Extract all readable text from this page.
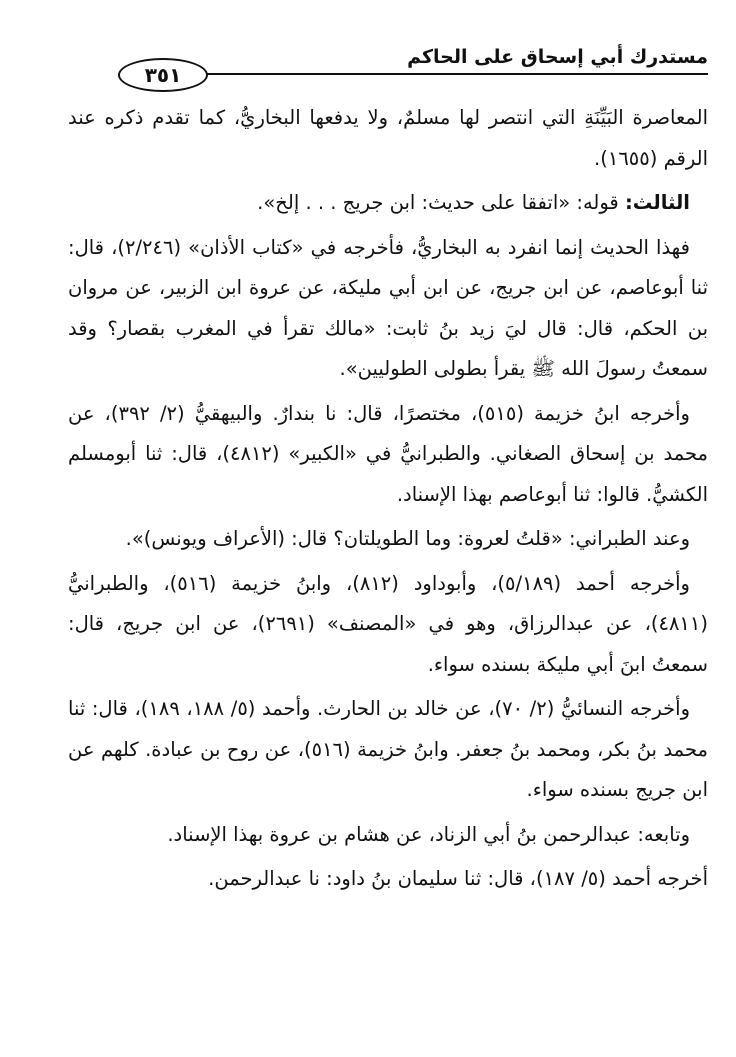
مستدرك أبي إسحاق على الحاكم
٣٥١

المعاصرة البَيِّنَةِ التي انتصر لها مسلمٌ، ولا يدفعها البخاريُّ، كما تقدم ذكره عند الرقم (١٦٥٥).

الثالث: قوله: «اتفقا على حديث: ابن جريج . . . إلخ».

فهذا الحديث إنما انفرد به البخاريُّ، فأخرجه في «كتاب الأذان» (٢/٢٤٦)، قال: ثنا أبوعاصم، عن ابن جريج، عن ابن أبي مليكة، عن عروة ابن الزبير، عن مروان بن الحكم، قال: قال ليَ زيد بنُ ثابت: «مالك تقرأ في المغرب بقصار؟ وقد سمعتُ رسولَ الله ﷺ يقرأ بطولى الطوليين».

وأخرجه ابنُ خزيمة (٥١٥)، مختصرًا، قال: نا بندارٌ. والبيهقيُّ (٢/ ٣٩٢)، عن محمد بن إسحاق الصغاني. والطبرانيُّ في «الكبير» (٤٨١٢)، قال: ثنا أبومسلم الكشيُّ. قالوا: ثنا أبوعاصم بهذا الإسناد.

وعند الطبراني: «قلتُ لعروة: وما الطويلتان؟ قال: (الأعراف ويونس)».

وأخرجه أحمد (٥/١٨٩)، وأبوداود (٨١٢)، وابنُ خزيمة (٥١٦)، والطبرانيُّ (٤٨١١)، عن عبدالرزاق، وهو في «المصنف» (٢٦٩١)، عن ابن جريج، قال: سمعتُ ابنَ أبي مليكة بسنده سواء.

وأخرجه النسائيُّ (٢/ ٧٠)، عن خالد بن الحارث. وأحمد (٥/ ١٨٨، ١٨٩)، قال: ثنا محمد بنُ بكر، ومحمد بنُ جعفر. وابنُ خزيمة (٥١٦)، عن روح بن عبادة. كلهم عن ابن جريج بسنده سواء.

وتابعه: عبدالرحمن بنُ أبي الزناد، عن هشام بن عروة بهذا الإسناد.

أخرجه أحمد (٥/ ١٨٧)، قال: ثنا سليمان بنُ داود: نا عبدالرحمن.
